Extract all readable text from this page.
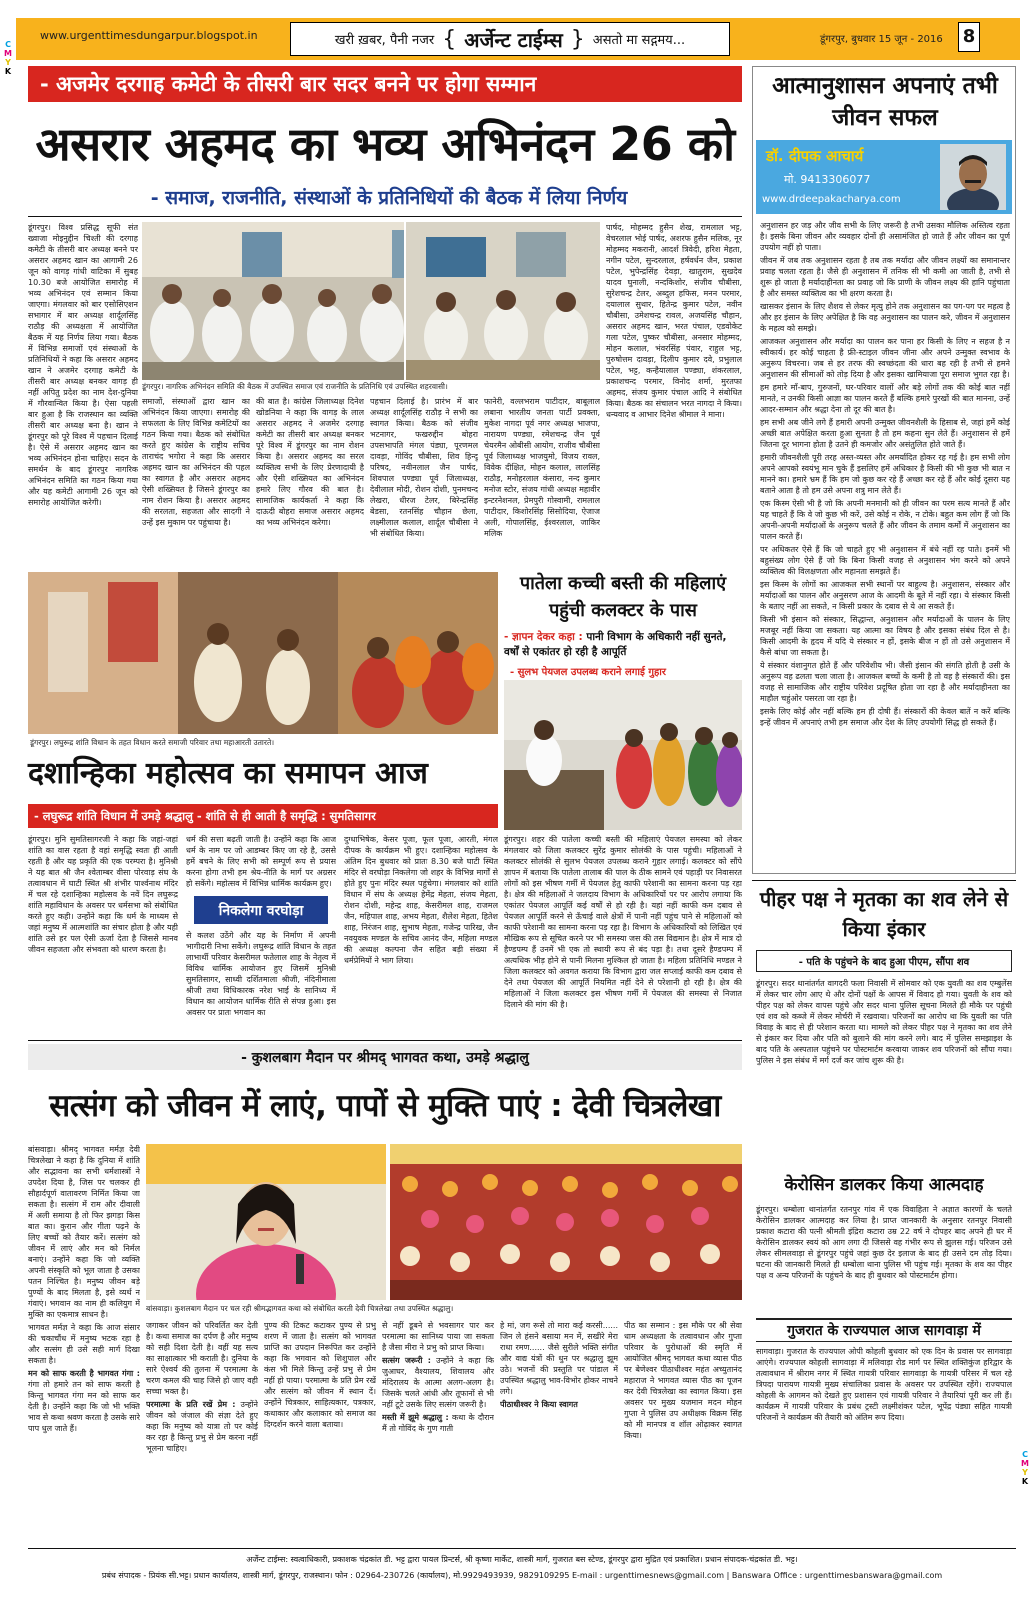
C
M
Y
K
C
M
Y
K
www.urgenttimesdungarpur.blogspot.in	खरी ख़बर, पैनी नजर { अर्जेन्ट टाईम्स } असतो मा सद्गमय...	डूंगरपुर, बुधवार 15 जून - 2016 8
- अजमेर दरगाह कमेटी के तीसरी बार सदर बनने पर होगा सम्मान
असरार अहमद का भव्य अभिनंदन 26 को
- समाज, राजनीति, संस्थाओं के प्रतिनिधियों की बैठक में लिया निर्णय
डूंगरपुर। विश्व प्रसिद्ध सूफी संत ख्वाजा मोइनुद्दीन चिश्ती की दरगाह कमेटी के तीसरी बार अध्यक्ष बनने पर असरार अहमद खान का आगामी 26 जून को वागड़ गांधी वाटिका में सुबह 10.30 बजे आयोजित समारोह में भव्य अभिनंदन एवं सम्मान किया जाएगा। मंगलवार को बार एसोसिएशन सभागार में बार अध्यक्ष शार्दूलसिंह राठौड़ की अध्यक्षता में आयोजित बैठक में यह निर्णय लिया गया। बैठक में विभिन्न समाजों एवं संस्थाओं के प्रतिनिधियों ने कहा कि असरार अहमद खान ने अजमेर दरगाह कमेटी के तीसरी बार अध्यक्ष बनकर वागड़ ही नहीं अपितु प्रदेश का नाम देश-दुनिया में गौरवान्वित किया है। ऐसा पहली बार हुआ है कि राजस्थान का व्यक्ति तीसरी बार अध्यक्ष बना है। खान ने डूंगरपुर को पूरे विश्व में पहचान दिलाई है। ऐसे में असरार अहमद खान का भव्य अभिनंदन होना चाहिए। सदन के समर्थन के बाद डूंगरपुर नागरिक अभिनंदन समिति का गठन किया गया और यह कमेटी आगामी 26 जून को समारोह आयोजित करेगी।
डूंगरपुर। नागरिक अभिनंदन समिति की बैठक में उपस्थित समाज एवं राजनीति के प्रतिनिधि एवं उपस्थित शहरवासी।
समाजों, संस्थाओं द्वारा खान का अभिनंदन किया जाएगा। समारोह की सफलता के लिए विभिन्न कमेटियों का गठन किया गया। बैठक को संबोधित करते हुए कांग्रेस के राष्ट्रीय सचिव ताराचंद भगोरा ने कहा कि असरार अहमद खान का अभिनंदन की पहल का स्वागत है और असरार अहमद ऐसी शख्सियत है जिसने डूंगरपुर का नाम रोशन किया है। असरार अहमद की सरलता, सहजता और सादगी ने उन्हें इस मुकाम पर पहुंचाया है।
की बात है। कांग्रेस जिलाध्यक्ष दिनेश खोडनिया ने कहा कि वागड़ के लाल असरार अहमद ने अजमेर दरगाह कमेटी का तीसरी बार अध्यक्ष बनकर पूरे विश्व में डूंगरपुर का नाम रोशन किया है। असरार अहमद का सरल व्यक्तित्व सभी के लिए प्रेरणादायी है और ऐसी शख्सियत का अभिनंदन हमारे लिए गौरव की बात है। सामाजिक कार्यकर्ता ने कहा कि दाऊदी बोहरा समाज असरार अहमद का भव्य अभिनंदन करेगा।
पहचान दिलाई है। प्रारंभ में बार अध्यक्ष शार्दूलसिंह राठौड़ ने सभी का स्वागत किया। बैठक को संजीव भटनागर, फखरुद्दीन बोहरा उपसभापति मंगल पंड्या, पूरणमल दावड़ा, गोविंद चौबीसा, शिव हिन्दू परिषद, नवीनलाल जैन पार्षद, शिवपाल पण्ड्या पूर्व जिलाध्यक्ष, देवीलाल मोदी, रोशन दोशी, पुनमचन्द लेखरा, धीरज टेलर, बिरेन्द्रसिंह बेडसा, रतनसिंह चौहान छेला, लक्ष्मीलाल कलाल, शार्दूल चौबीसा ने भी संबोधित किया।
फानेरी, वल्लभराम पाटीदार, बाबूलाल लबाना भारतीय जनता पार्टी प्रवक्ता, मुकेश नागदा पूर्व नगर अध्यक्ष भाजपा, नारायण पण्ड्या, रमेशचन्द्र जैन पूर्व चेयरमैन ओबीसी आयोग, राजीव चौबीसा पूर्व जिलाध्यक्ष भाजयुमो, विजय रावल, विवेक दीक्षित, मोहन कलाल, लालसिंह राठौड़, मनोहरलाल कंसारा, नन्द कुमार मनोज स्टोर, संजय गांधी अध्यक्ष महावीर इन्टरनेशनल, प्रेमपुरी गोस्वामी, रामलाल पाटीदार, किशोरसिंह सिसोदिया, ऐजाज अली, गोपालसिंह, ईश्वरलाल, जाकिर मलिक
पार्षद, मोहम्मद हुसैन शेख, रामलाल भट्ट, वेचरलाल भोई पार्षद, अशरफ हुसैन मलिक, नूर मोहम्मद मकरानी, आदर्श त्रिवेदी, हरिश मेहता, नगीन पटेल, सुन्दरलाल, हर्षवर्धन जैन, प्रकाश पटेल, भुपेन्द्रसिंह देवड़ा, खातुराम, सुखदेव यादव घुनाली, नन्दकिशोर, संजीव चौबीसा, सुरेशचन्द्र टेलर, अब्दुल हफिस, मनन परमार, दयालाल सुथार, हितेन्द्र कुमार पटेल, नवीन चौबीसा, उमेशचन्द्र रावल, अजयसिंह चौहान, असरार अहमद खान, भरत पंचाल, एडवोकेट गला पटेल, पुष्कर चौबीसा, अनसार मोहम्मद, मोहन कलाल, भंवरसिंह पंवार, राहुल भट्ट, पुरुषोत्तम दावड़ा, दिलीप कुमार दवे, प्रभुलाल पटेल, भट्ट, कन्हैयालाल पण्ड्या, शंकरलाल, प्रकाशचन्द परमार, विनोद शर्मा, मुरतफा अहमद, संजय कुमार पंचाल आदि ने संबोधित किया। बैठक का संचालन भरत नागदा ने किया। धन्यवाद व आभार दिनेश श्रीमाल ने माना।
आत्मानुशासन अपनाएं तभी जीवन सफल
डॉ. दीपक आचार्य
मो. 9413306077
www.drdeepakacharya.com

अनुशासन हर जड़ और जीव सभी के लिए जरूरी है तभी उसका मौलिक अस्तित्व रहता है। इसके बिना जीवन और व्यवहार दोनों ही असामंजित हो जाते हैं और जीवन का पूर्ण उपयोग नहीं हो पाता।

जीवन में जब तक अनुशासन रहता है तब तक मर्यादा और जीवन लक्ष्यों का समानान्तर प्रवाह चलता रहता है। जैसे ही अनुशासन में तनिक सी भी कमी आ जाती है, तभी से शुरू हो जाता है मर्यादाहीनता का प्रवाह जो कि प्राणी के जीवन लक्ष्य की हानि पहुंचाता है और समस्त व्यक्तित्व का भी क्षरण करता है।

खासकर इंसान के लिए शैशव से लेकर मृत्यु होने तक अनुशासन का पग-पग पर महत्व है और हर इंसान के लिए अपेक्षित है कि वह अनुशासन का पालन करे, जीवन में अनुशासन के महत्व को समझे।

आजकल अनुशासन और मर्यादा का पालन कर पाना हर किसी के लिए न सहज है न स्वीकार्य। हर कोई चाहता है फ्री-स्टाइल जीवन जीना और अपने उन्मुक्त स्वभाव के अनुरूप विचरना। जब से हर तरफ की स्वच्छंदता की धारा बह रही है तभी से हमने अनुशासन की सीमाओं को तोड़ दिया है और इसका खामियाजा पूरा समाज भुगत रहा है।

हम हमारे माँ-बाप, गुरुजनों, घर-परिवार वालों और बड़े लोगों तक की कोई बात नहीं मानते, न उनकी किसी आज्ञा का पालन करते हैं बल्कि हमारे पुरखों की बात मानना, उन्हें आदर-सम्मान और श्रद्धा देना तो दूर की बात है।

हम सभी अब जीने लगे हैं हमारी अपनी उन्मुक्त जीवनशैली के हिसाब से, जहां हमें कोई अच्छी बात अपेक्षित करता हुआ सुनता है तो हम कहना सुन लेते हैं। अनुशासन से हमें जितना दूर भागना होता है उतने ही कमजोर और असंतुलित होते जाते हैं।

हमारी जीवनशैली पूरी तरह अस्त-व्यस्त और अमर्यादित होकर रह गई है। हम सभी लोग अपने आपको स्वयंभू मान चुके हैं इसलिए हमें अधिकार है किसी की भी कुछ भी बात न मानने का। हमारे भ्रम हैं कि हम जो कुछ कर रहे हैं अच्छा कर रहे हैं और कोई दूसरा यह बताने आता है तो हम उसे अपना शत्रु मान लेते हैं।

एक किस्म ऐसी भी है जो कि अपनी मनमानी को ही जीवन का परम सत्य मानते हैं और यह चाहते हैं कि वे जो कुछ भी करें, उसे कोई न रोके, न टोके। बहुत कम लोग हैं जो कि अपनी-अपनी मर्यादाओं के अनुरूप चलते हैं और जीवन के तमाम कर्मों में अनुशासन का पालन करते हैं।

पर अधिकतर ऐसे हैं कि जो चाहते हुए भी अनुशासन में बंधे नहीं रह पाते। इनमें भी बहुसंख्य लोग ऐसे हैं जो कि बिना किसी वजह से अनुशासन भंग करने को अपने व्यक्तित्व की विलक्षणता और महानता समझते हैं।

इस किस्म के लोगों का आजकल सभी स्थानों पर बाहुल्य है। अनुशासन, संस्कार और मर्यादाओं का पालन और अनुसरण आज के आदमी के बूते में नहीं रहा। ये संस्कार किसी के बताए नहीं आ सकते, न किसी प्रकार के दबाव से ये आ सकते हैं।

किसी भी इंसान को संस्कार, सिद्धान्त, अनुशासन और मर्यादाओं के पालन के लिए मजबूर नहीं किया जा सकता। यह आत्मा का विषय है और इसका संबंध दिल से है। किसी आदमी के हृदय में यदि ये संस्कार न हों, इसके बीज न हों तो उसे अनुशासन में कैसे बांधा जा सकता है।

ये संस्कार वंशानुगत होते हैं और परिवेशीय भी। जैसी इंसान की संगति होती है उसी के अनुरूप वह ढलता चला जाता है। आजकल बच्चों के कमी है तो वह है संस्कारों की। इस वजह से सामाजिक और राष्ट्रीय परिवेश प्रदूषित होता जा रहा है और मर्यादाहीनता का माहौल चहुंओर पसरता जा रहा है।

इसके लिए कोई और नहीं बल्कि हम ही दोषी हैं। संस्कारों की केवल बातें न करें बल्कि इन्हें जीवन में अपनाएं तभी हम समाज और देश के लिए उपयोगी सिद्ध हो सकते हैं।

डूंगरपुर। लघुरूद्र शांति विधान के तहत विधान करते समाजी परिवार तथा महाआरती उतारते।
पातेला कच्ची बस्ती की महिलाएं पहुंची कलक्टर के पास
- ज्ञापन देकर कहा : पानी विभाग के अधिकारी नहीं सुनते, वर्षों से एकांतर हो रही है आपूर्ति
- सुलभ पेयजल उपलब्ध कराने लगाई गुहार
डूंगरपुर। शहर की पातेला कच्ची बस्ती की महिलाएं पेयजल समस्या को लेकर मंगलवार को जिला कलक्टर सुरेंद्र कुमार सोलंकी के पास पहुंची। महिलाओं ने कलक्टर सोलंकी से सुलभ पेयजल उपलब्ध कराने गुहार लगाई। कलक्टर को सौंपे ज्ञापन में बताया कि पातेला तालाब की पाल के ठीक सामने एवं पहाड़ी पर निवासरत लोगों को इस भीषण गर्मी में पेयजल हेतु काफी परेशानी का सामना करना पड़ रहा है। क्षेत्र की महिलाओं ने जलदाय विभाग के अधिकारियों पर पर आरोप लगाया कि एकांतर पेयजल आपूर्ति कई वर्षों से हो रही है। यहां नहीं काफी कम दबाव से पेयजल आपूर्ति करने से ऊँचाई वाले क्षेत्रों में पानी नहीं पहुंच पाने से महिलाओं को काफी परेशानी का सामना करना पड़ रहा है। विभाग के अधिकारियों को लिखित एवं मौखिक रूप से सूचित करने पर भी समस्या जस की तस विद्यमान है। क्षेत्र में मात्र दो हैण्डपम्प हैं उनमें भी एक तो स्थायी रूप से बंद पड़ा है। तथा दूसरे हैण्डपम्प में अत्यधिक भीड़ होने से पानी मिलना मुश्किल हो जाता है। महिला प्रतिनिधि मण्डल ने जिला कलक्टर को अवगत कराया कि विभाग द्वारा जल सप्लाई काफी कम दबाव से देने तथा पेयजल की आपूर्ति नियमित नहीं देने से परेशानी हो रही है। क्षेत्र की महिलाओं ने जिला कलक्टर इस भीषण गर्मी में पेयजल की समस्या से निजात दिलाने की मांग की है।
दशान्हिका महोत्सव का समापन आज
- लघुरूद्र शांति विधान में उमड़े श्रद्धालु - शांति से ही आती है समृद्धि : सुमतिसागर
डूंगरपुर। मुनि सुमतिसागरजी ने कहा कि जहां-जहां शांति का वास रहता है वहां समृद्धि स्वतः ही आती रहती है और यह प्रकृति की एक परम्परा है। मुनिश्री ने यह बात श्री जैन श्वेताम्बर वीसा पोरवाड़ संघ के तत्वावधान में घाटी स्थित श्री शंभीर पार्श्वनाथ मंदिर में चल रहे दशान्हिका महोत्सव के नवें दिन लघुरूद्र शांति महाविधान के अवसर पर धर्मसभा को संबोधित करते हुए कही। उन्होंने कहा कि धर्म के माध्यम से जहां मनुष्य में आत्मशांति का संचार होता है और यही शांति उसे हर पल ऐसी ऊर्जा देता है जिससे मानव जीवन सहजता और संभवता को धारण करता है।
धर्म की सत्ता बढ़ती जाती है। उन्होंने कहा कि आज धर्म के नाम पर जो आडम्बर किए जा रहे है, उससे हमें बचने के लिए सभी को सम्पूर्ण रूप से प्रयास करना होगा तभी हम श्रेय-नीति के मार्ग पर अग्रसर हो सकेंगे। महोत्सव में विभिन्न धार्मिक कार्यक्रम हुए।
निकलेगा वरघोड़ा
से कलश उठेंगे और यह के निर्माण में अपनी भागीदारी निभा सकेंगे। लघुरूद्र शांति विधान के तहत लाभार्थी परिवार केसरीमल फतेलाल शाह के नेतृत्व में विविध धार्मिक आयोजन हुए जिसमें मुनिश्री सुमतिसागर, साध्वी दर्शितमाला श्रीजी, नंदिनीमाला श्रीजी तथा विधिकारक नरेश भाई के सानिध्य में विधान का आयोजन धार्मिक रीति से संपन्न हुआ। इस अवसर पर प्रातः भगवान का
दुग्धाभिषेक, केसर पूजा, फूल पूजा, आरती, मंगल दीपक के कार्यक्रम भी हुए। दशान्हिका महोत्सव के अंतिम दिन बुधवार को प्रातः 8.30 बजे घाटी स्थित मंदिर से वरघोड़ा निकलेगा जो शहर के विभिन्न मार्गों से होते हुए पुनः मंदिर स्थल पहुंचेगा। मंगलवार को शांति विधान में संघ के अध्यक्ष हेमेंद्र मेहता, संजय मेहता, रोशन दोशी, महेन्द्र शाह, केसरीमल शाह, राजमल जैन, महिपाल शाह, अभय मेहता, शैलेश मेहता, हितेश शाह, निरंजन शाह, सुभाष मेहता, गजेन्द्र पारिख, जैन नवयुवक मण्डल के सचिव आनंद जैन, महिला मण्डल की अध्यक्ष कल्पना जैन सहित बड़ी संख्या में धर्मप्रेमियों ने भाग लिया।
पीहर पक्ष ने मृतका का शव लेने से किया इंकार
- पति के पहुंचने के बाद हुआ पीएम, सौंपा शव
डूंगरपुर। सदर थानांतर्गत वागदरी फला निवासी में सोमवार को एक युवती का शव एम्बुलेंस में लेकर चार लोग आए थे और दोनों पक्षों के आपस में विवाद हो गया। युवती के शव को पीहर पक्ष को लेकर वापस पहुंचे और सदर थाना पुलिस सूचना मिलते ही मौके पर पहुंची एवं शव को कब्जे में लेकर मोर्चरी में रखवाया। परिजनों का आरोप था कि युवती का पति विवाह के बाद से ही परेशान करता था। मामले को लेकर पीहर पक्ष ने मृतका का शव लेने से इंकार कर दिया और पति को बुलाने की मांग करने लगे। बाद में पुलिस समझाइश के बाद पति के अस्पताल पहुंचने पर पोस्टमार्टम करवाया जाकर शव परिजनों को सौंपा गया। पुलिस ने इस संबंध में मर्ग दर्ज कर जांच शुरू की है।
केरोसिन डालकर किया आत्मदाह
डूंगरपुर। धम्बोला थानांतर्गत रतनपुर गांव में एक विवाहिता ने अज्ञात कारणों के चलते केरोसिन डालकर आत्मदाह कर लिया है। प्राप्त जानकारी के अनुसार रतनपुर निवासी प्रकाश कटारा की पत्नी श्रीमती इंद्रिरा कटारा उम्र 22 वर्ष ने दोपहर बाद अपने ही घर में केरोसिन डालकर स्वयं को आग लगा दी जिससे वह गंभीर रूप से झुलस गई। परिजन उसे लेकर सीमलवाड़ा से डूंगरपुर पहुंचे जहां कुछ देर इलाज के बाद ही उसने दम तोड़ दिया। घटना की जानकारी मिलते ही धम्बोला थाना पुलिस भी पहुंच गई। मृतका के शव का पीहर पक्ष व अन्य परिजनों के पहुंचने के बाद ही बुधवार को पोस्टमार्टम होगा।
गुजरात के राज्यपाल आज सागवाड़ा में
सागवाड़ा। गुजरात के राज्यपाल ओपी कोहली बुधवार को एक दिन के प्रवास पर सागवाड़ा आएंगे। राज्यपाल कोहली सागवाड़ा में मलिवाड़ा रोड मार्ग पर स्थित शक्तिकुंज हरिद्वार के तत्वावधान में श्रीराम नगर में स्थित गायत्री परिवार सागवाड़ा के गायत्री परिसर में चल रहे त्रिपदा पारायण गायत्री मुख्य संचालिका प्रवास के अवसर पर उपस्थित रहेंगे। राज्यपाल कोहली के आगमन को देखते हुए प्रशासन एवं गायत्री परिवार ने तैयारियां पूरी कर ली हैं। कार्यक्रम में गायत्री परिवार के प्रबंध ट्रस्टी लक्ष्मीशंकर पटेल, भूपेंद्र पंड्या सहित गायत्री परिजनों ने कार्यक्रम की तैयारी को अंतिम रूप दिया।
- कुशलबाग मैदान पर श्रीमद् भागवत कथा, उमड़े श्रद्धालु
सत्संग को जीवन में लाएं, पापों से मुक्ति पाएं : देवी चित्रलेखा

बांसवाड़ा। श्रीमद् भागवत मर्मज्ञ देवी चित्रलेखा ने कहा है कि दुनिया में शांति और सद्भावना का सभी धर्मशास्त्रों ने उपदेश दिया है, जिस पर चलकर ही सौहार्दपूर्ण वातावरण निर्मित किया जा सकता है। सत्संग में राम और दीवाली में अली समाया है तो फिर झगड़ा किस बात का। कुरान और गीता पढ़ने के लिए बच्चों को तैयार करें। सत्संग को जीवन में लाएं और मन को निर्मल बनाएं। उन्होंने कहा कि जो व्यक्ति अपनी संस्कृति को भूल जाता है उसका पतन निश्चित है। मनुष्य जीवन बड़े पुण्यों के बाद मिलता है, इसे व्यर्थ न गंवाएं। भगवान का नाम ही कलियुग में मुक्ति का एकमात्र साधन है।

भागवत मर्मज्ञ ने कहा कि आज संसार की चकाचौंध में मनुष्य भटक रहा है और सत्संग ही उसे सही मार्ग दिखा सकता है।

मन को साफ करती है भागवत गंगा : गंगा तो हमारे तन को साफ करती है किन्तु भागवत गंगा मन को साफ कर देती है। उन्होंने कहा कि जो भी भक्ति भाव से कथा श्रवण करता है उसके सारे पाप धुल जाते हैं।

बांसवाड़ा। कुशलबाग मैदान पर चल रही श्रीमद्भागवत कथा को संबोधित करती देवी चित्रलेखा तथा उपस्थित श्रद्धालु।

जगाकर जीवन को परिवर्तित कर देती है। कथा समाज का दर्पण है और मनुष्य को सही दिशा देती है। वहीं यह सत्य का साक्षात्कार भी कराती है। दुनिया के सारे ऐश्वर्य की तुलना में परमात्मा के चरण कमल की चाह जिसे हो जाए वही सच्चा भक्त है।

परमात्मा के प्रति रखें प्रेम : उन्होंने जीवन को जंजाल की संज्ञा देते हुए कहा कि मनुष्य को यात्रा तो पर कोई कर रहा है किन्तु प्रभु से प्रेम करना नहीं भूलना चाहिए।

पुण्य की टिकट कटाकर पुण्य से प्रभु शरण में जाता है। सत्संग को भागवत प्राप्ति का उपदान निरूपित कर उन्होंने कहा कि भगवान को शिशुपाल और कंस भी मिले किन्तु उन्हें प्रभु से प्रेम नहीं हो पाया। परमात्मा के प्रति प्रेम रखें और सत्संग को जीवन में स्थान दें। उन्होंने चित्रकार, साहित्यकार, पत्रकार, कथाकार और कलाकार को समाज का दिग्दर्शन करने वाला बताया।

से नहीं डूबने से भवसागर पार कर परमात्मा का सानिध्य पाया जा सकता है जैसा मीरा ने प्रभु को प्राप्त किया।

सत्संग जरूरी : उन्होंने ने कहा कि जुआघर, वैश्यालय, शिवालय और मंदिरालय के आत्मा अलग-अलग है। जिसके चलते आंधी और तूफानों से भी नहीं टूटे उसके लिए सत्संग जरूरी है।

मस्ती में झूमे श्रद्धालु : कथा के दौरान मैं तो गोविंद के गुण गाती

हे मां, जग रूसे तो मारा कई करसी...... जिन ले हंसने बसाया मन में, सखीरे मेरा राधा रमण...... जैसे सुरीले भक्ति संगीत और वाद्य यंत्रों की धुन पर श्रद्धालु झूम उठे। भजनों की प्रस्तुति पर पांडाल में उपस्थित श्रद्धालु भाव-विभोर होकर नाचने लगे।

पीठाधीश्वर ने किया स्वागत

पीठ का सम्मान : इस मौके पर श्री सेवा धाम अध्यक्षता के तत्वावधान और गुप्ता परिवार के पुरोधाओं की स्मृति में आयोजित श्रीमद् भागवत कथा व्यास पीठ पर बेणेश्वर पीठाधीश्वर महंत अच्युतानंद महाराज ने भागवत व्यास पीठ का पूजन कर देवी चित्रलेखा का स्वागत किया। इस अवसर पर मुख्य यजमान मदन मोहन गुप्ता ने पुलिस उप अधीक्षक विक्रम सिंह को मी मानपत्र व शॉल ओढ़ाकर स्वागत किया।
अर्जेन्ट टाईम्स: स्वत्वाधिकारी, प्रकाशक चंद्रकांत डी. भट्ट द्वारा पायल प्रिन्टर्स, श्री कृष्णा मार्केट, शास्त्री मार्ग, गुजरात बस स्टेण्ड, डूंगरपुर द्वारा मुद्रित एवं प्रकाशित। प्रधान संपादक-चंद्रकांत डी. भट्ट।
प्रबंध संपादक - प्रियंक सी.भट्ट। प्रधान कार्यालय, शास्त्री मार्ग, डूंगरपुर, राजस्थान। फोन : 02964-230726 (कार्यालय), मो.9929493939, 9829109295 E-mail : urgenttimesnews@gmail.com | Banswara Office : urgenttimesbanswara@gmail.com
